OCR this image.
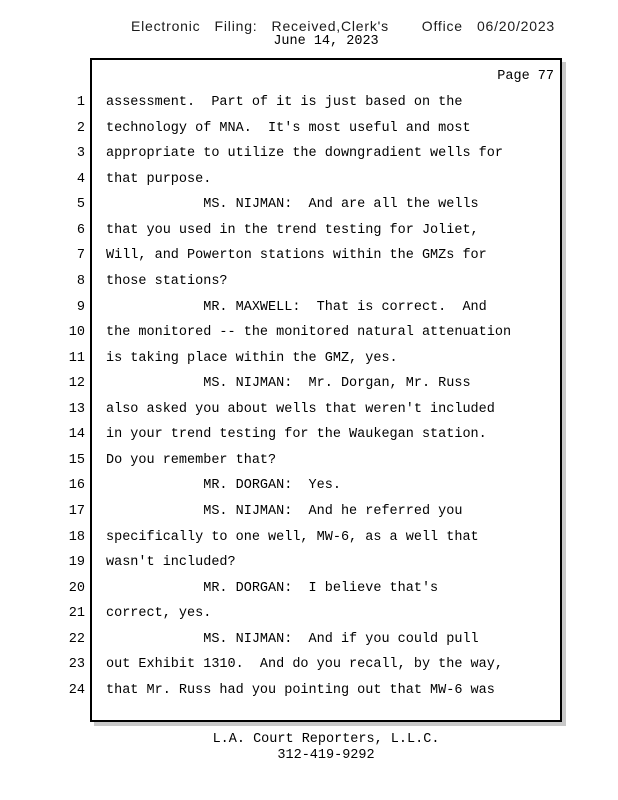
Electronic   Filing:   Received,Clerk's       Office   06/20/2023
June 14, 2023
Page 77
1 assessment.  Part of it is just based on the
2 technology of MNA.  It's most useful and most
3 appropriate to utilize the downgradient wells for
4 that purpose.
5 MS. NIJMAN:  And are all the wells
6 that you used in the trend testing for Joliet,
7 Will, and Powerton stations within the GMZs for
8 those stations?
9 MR. MAXWELL:  That is correct.  And
10 the monitored -- the monitored natural attenuation
11 is taking place within the GMZ, yes.
12 MS. NIJMAN:  Mr. Dorgan, Mr. Russ
13 also asked you about wells that weren't included
14 in your trend testing for the Waukegan station.
15 Do you remember that?
16 MR. DORGAN:  Yes.
17 MS. NIJMAN:  And he referred you
18 specifically to one well, MW-6, as a well that
19 wasn't included?
20 MR. DORGAN:  I believe that's
21 correct, yes.
22 MS. NIJMAN:  And if you could pull
23 out Exhibit 1310.  And do you recall, by the way,
24 that Mr. Russ had you pointing out that MW-6 was
L.A. Court Reporters, L.L.C.
312-419-9292
